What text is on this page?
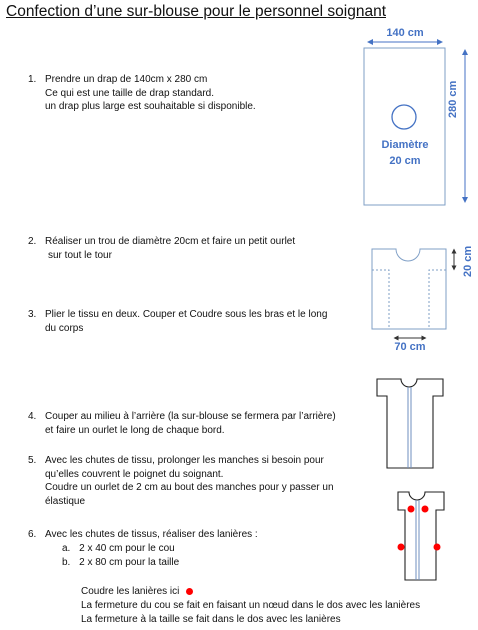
Confection d’une sur-blouse pour le personnel soignant
1. Prendre un drap de 140cm x 280 cm
Ce qui est une taille de drap standard.
un drap plus large est souhaitable si disponible.
2. Réaliser un trou de diamètre 20cm et faire un petit ourlet
sur tout le tour
3. Plier le tissu en deux. Couper et Coudre sous les bras et le long
du corps
4. Couper au milieu à l’arrière (la sur-blouse se fermera par l’arrière)
et faire un ourlet le long de chaque bord.
5. Avec les chutes de tissu, prolonger les manches si besoin pour
qu’elles couvrent le poignet du soignant.
Coudre un ourlet de 2 cm au bout des manches pour y passer un
élastique
6. Avec les chutes de tissus, réaliser des lanières :
a. 2 x 40 cm pour le cou
b. 2 x 80 cm pour la taille
Coudre les lanières ici
La fermeture du cou se fait en faisant un nœud dans le dos avec les lanières
La fermeture à la taille se fait dans le dos avec les lanières
140 cm
280 cm
Diamètre
20 cm
20 cm
70 cm
